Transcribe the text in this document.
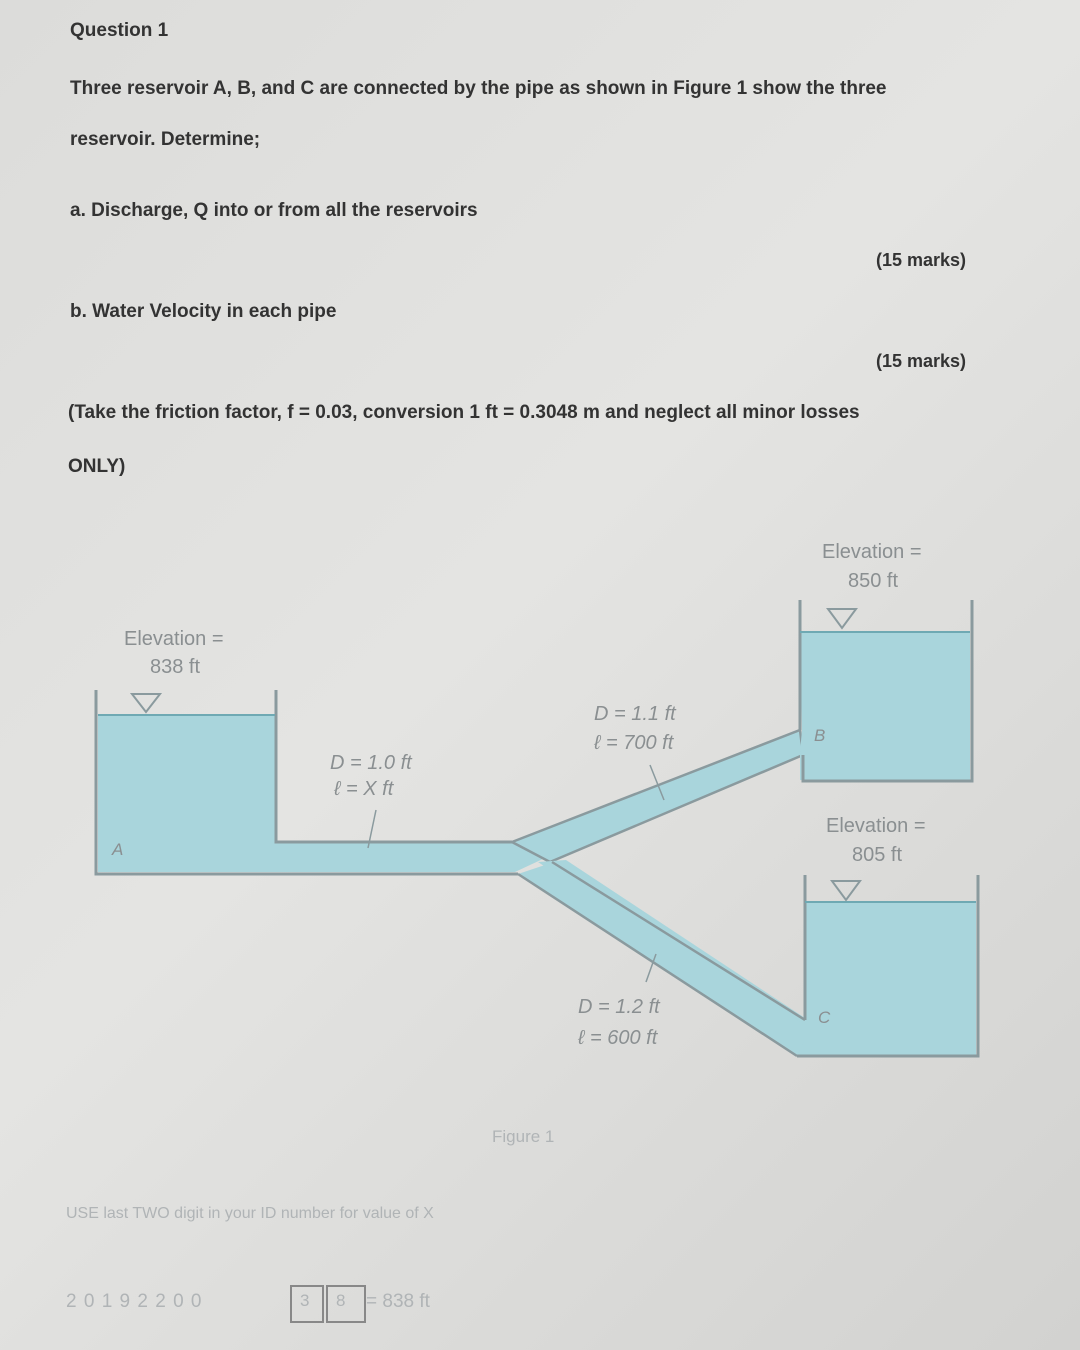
Question 1
Three reservoir A, B, and C are connected by the pipe as shown in Figure 1 show the three
reservoir. Determine;
a. Discharge, Q into or from all the reservoirs
(15 marks)
b. Water Velocity in each pipe
(15 marks)
(Take the friction factor, f = 0.03, conversion 1 ft = 0.3048 m and neglect all minor losses
ONLY)
Elevation =
838 ft
A
Elevation =
850 ft
B
Elevation =
805 ft
C
D = 1.0 ft
ℓ = X ft
D = 1.1 ft
ℓ = 700 ft
D = 1.2 ft
ℓ = 600 ft
Figure 1
USE last TWO digit in your ID number for value of X
2 0 1 9 2 2 0 0	3 8 = 838 ft
